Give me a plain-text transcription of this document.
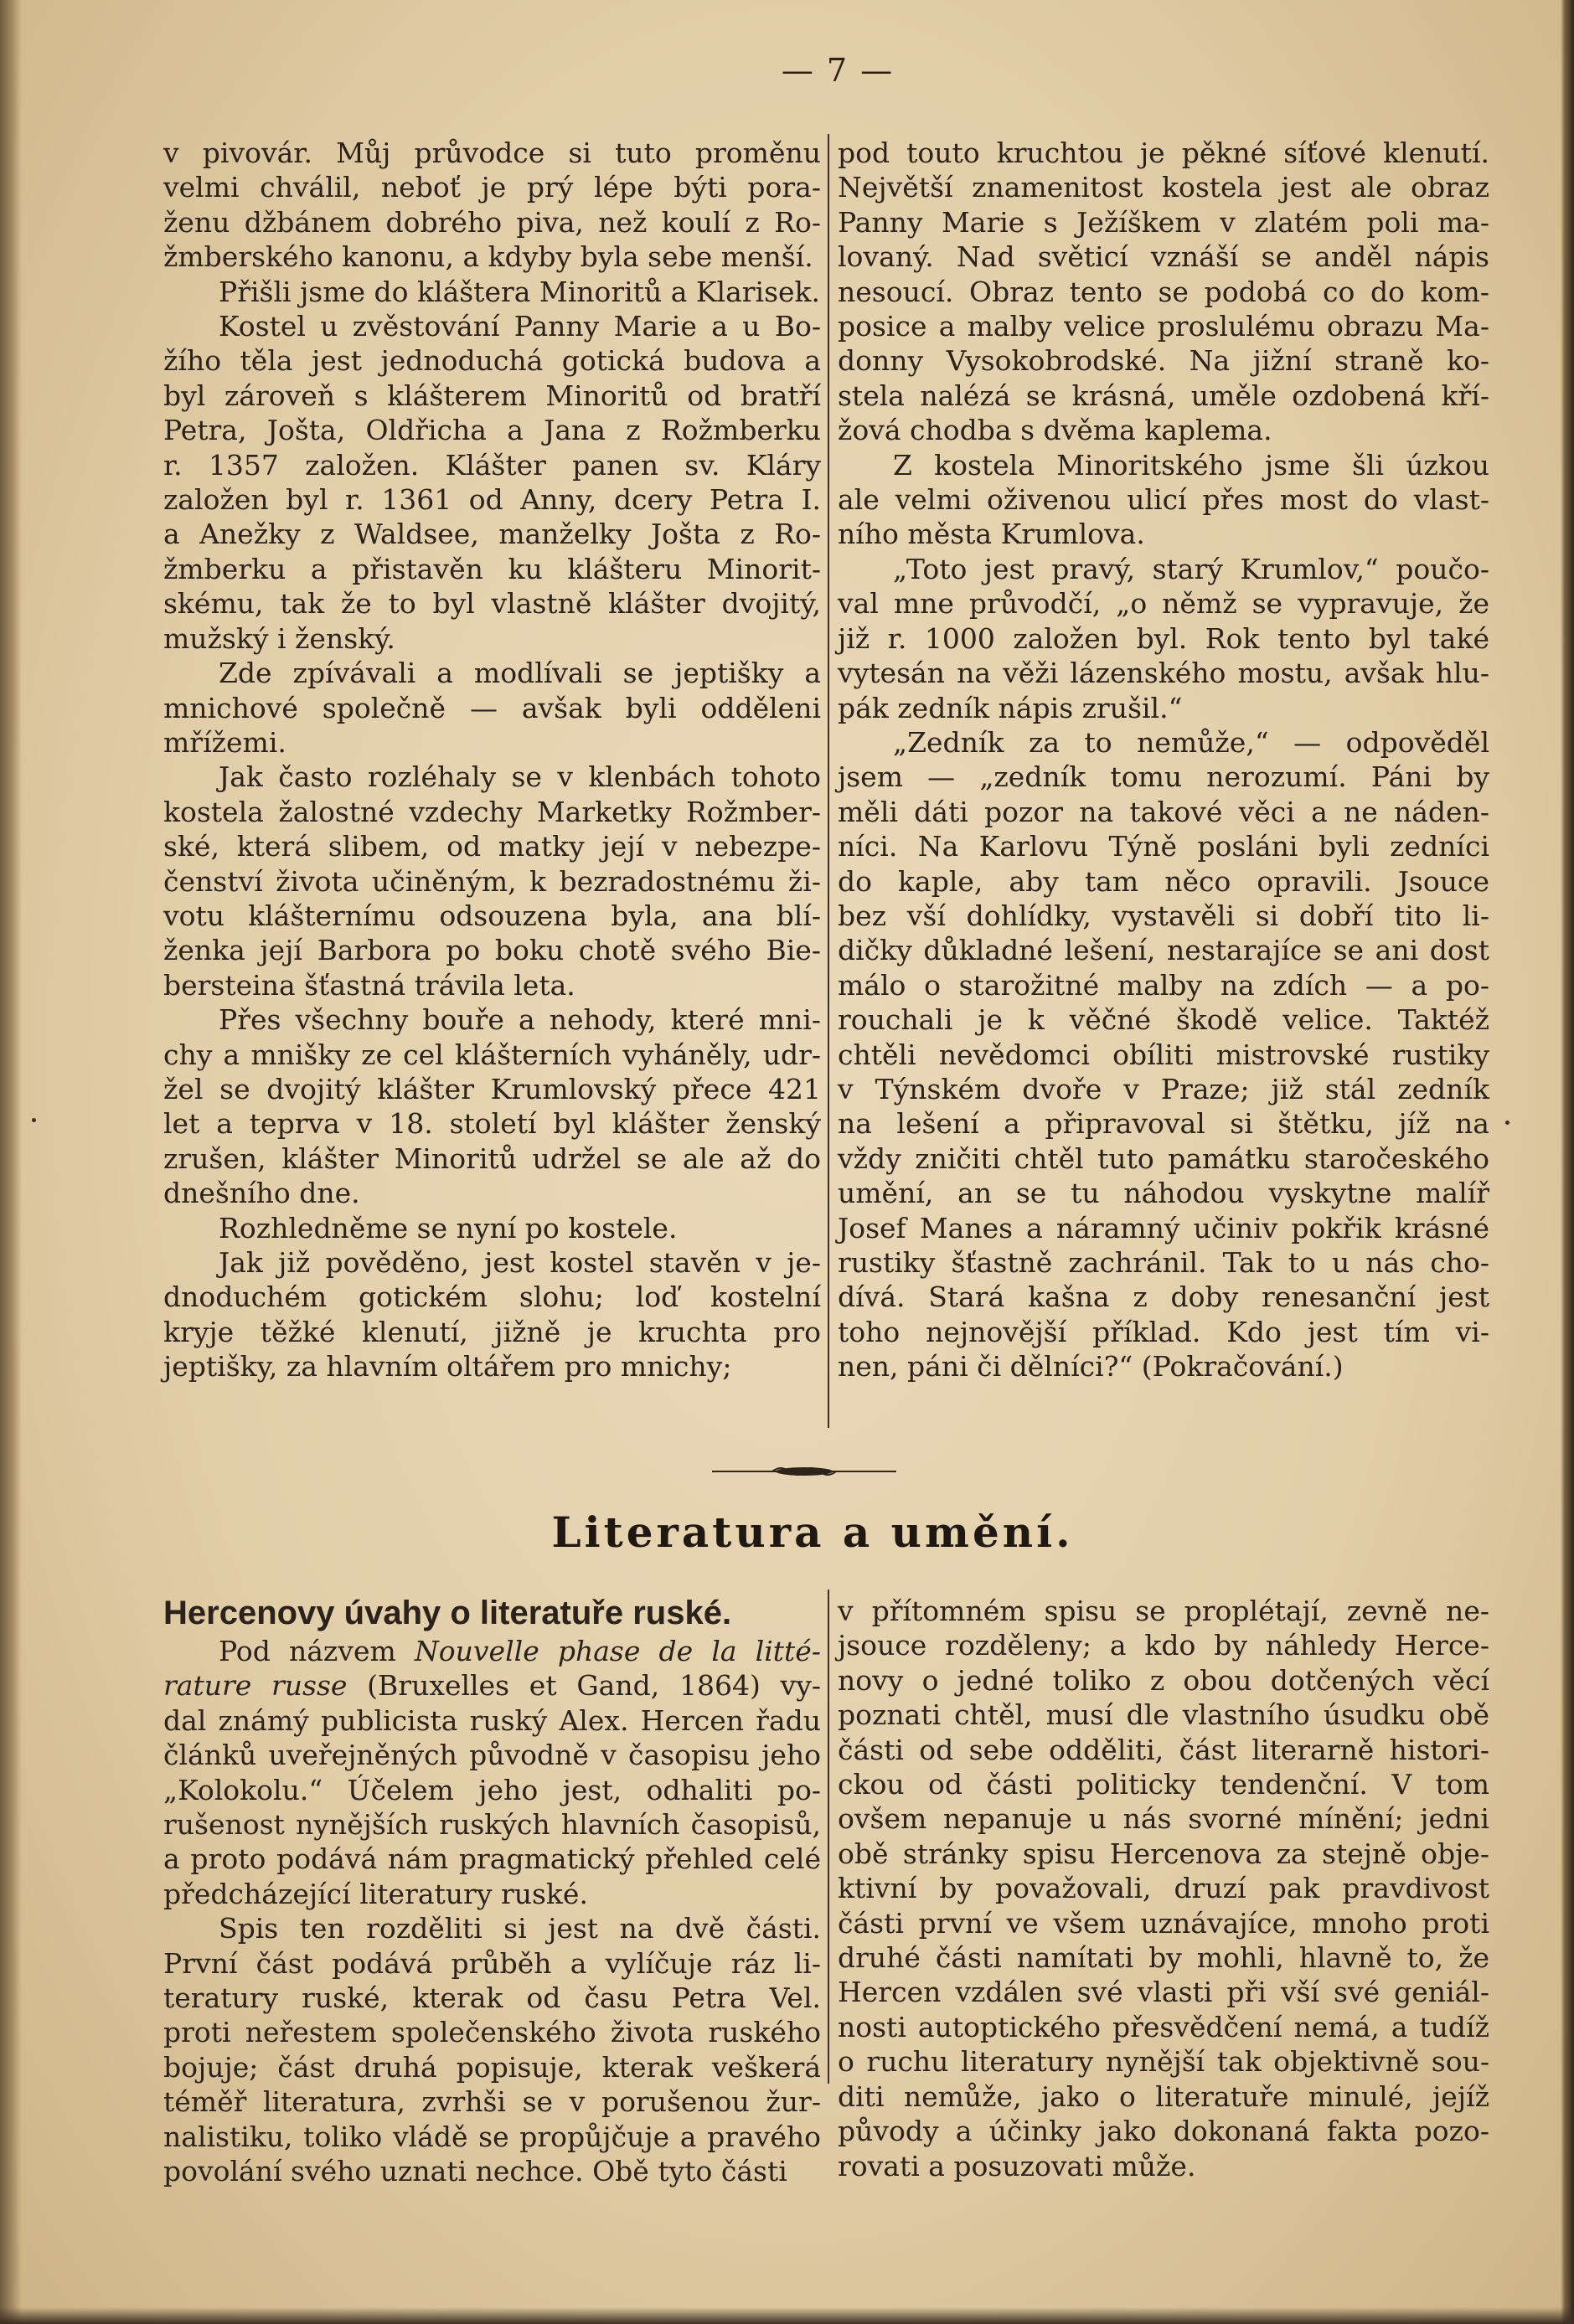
— 7 —
v pivovár. Můj průvodce si tuto proměnu
velmi chválil, neboť je prý lépe býti pora-
ženu džbánem dobrého piva, než koulí z Ro-
žmberského kanonu, a kdyby byla sebe menší.
Přišli jsme do kláštera Minoritů a Klarisek.
Kostel u zvěstování Panny Marie a u Bo-
žího těla jest jednoduchá gotická budova a
byl zároveň s klášterem Minoritů od bratří
Petra, Jošta, Oldřicha a Jana z Rožmberku
r. 1357 založen. Klášter panen sv. Kláry
založen byl r. 1361 od Anny, dcery Petra I.
a Anežky z Waldsee, manželky Jošta z Ro-
žmberku a přistavěn ku klášteru Minorit-
skému, tak že to byl vlastně klášter dvojitý,
mužský i ženský.
Zde zpívávali a modlívali se jeptišky a
mnichové společně — avšak byli odděleni
mřížemi.
Jak často rozléhaly se v klenbách tohoto
kostela žalostné vzdechy Marketky Rožmber-
ské, která slibem, od matky její v nebezpe-
čenství života učiněným, k bezradostnému ži-
votu klášternímu odsouzena byla, ana blí-
ženka její Barbora po boku chotě svého Bie-
bersteina šťastná trávila leta.
Přes všechny bouře a nehody, které mni-
chy a mnišky ze cel klášterních vyháněly, udr-
žel se dvojitý klášter Krumlovský přece 421
let a teprva v 18. století byl klášter ženský
zrušen, klášter Minoritů udržel se ale až do
dnešního dne.
Rozhledněme se nyní po kostele.
Jak již pověděno, jest kostel stavěn v je-
dnoduchém gotickém slohu; loď kostelní
kryje těžké klenutí, jižně je kruchta pro
jeptišky, za hlavním oltářem pro mnichy;
pod touto kruchtou je pěkné síťové klenutí.
Největší znamenitost kostela jest ale obraz
Panny Marie s Ježíškem v zlatém poli ma-
lovaný. Nad světicí vznáší se anděl nápis
nesoucí. Obraz tento se podobá co do kom-
posice a malby velice proslulému obrazu Ma-
donny Vysokobrodské. Na jižní straně ko-
stela nalézá se krásná, uměle ozdobená kří-
žová chodba s dvěma kaplema.
Z kostela Minoritského jsme šli úzkou
ale velmi oživenou ulicí přes most do vlast-
ního města Krumlova.
„Toto jest pravý, starý Krumlov,“ poučo-
val mne průvodčí, „o němž se vypravuje, že
již r. 1000 založen byl. Rok tento byl také
vytesán na věži lázenského mostu, avšak hlu-
pák zedník nápis zrušil.“
„Zedník za to nemůže,“ — odpověděl
jsem — „zedník tomu nerozumí. Páni by
měli dáti pozor na takové věci a ne náden-
níci. Na Karlovu Týně posláni byli zedníci
do kaple, aby tam něco opravili. Jsouce
bez vší dohlídky, vystavěli si dobří tito li-
dičky důkladné lešení, nestarajíce se ani dost
málo o starožitné malby na zdích — a po-
rouchali je k věčné škodě velice. Taktéž
chtěli nevědomci obíliti mistrovské rustiky
v Týnském dvoře v Praze; již stál zedník
na lešení a připravoval si štětku, jíž na
vždy zničiti chtěl tuto památku staročeského
umění, an se tu náhodou vyskytne malíř
Josef Manes a náramný učiniv pokřik krásné
rustiky šťastně zachránil. Tak to u nás cho-
dívá. Stará kašna z doby renesanční jest
toho nejnovější příklad. Kdo jest tím vi-
nen, páni či dělníci?“ (Pokračování.)
Literatura a umění.
Hercenovy úvahy o literatuře ruské.
Pod názvem Nouvelle phase de la litté-
rature russe (Bruxelles et Gand, 1864) vy-
dal známý publicista ruský Alex. Hercen řadu
článků uveřejněných původně v časopisu jeho
„Kolokolu.“ Účelem jeho jest, odhaliti po-
rušenost nynějších ruských hlavních časopisů,
a proto podává nám pragmatický přehled celé
předcházející literatury ruské.
Spis ten rozděliti si jest na dvě části.
První část podává průběh a vylíčuje ráz li-
teratury ruské, kterak od času Petra Vel.
proti neřestem společenského života ruského
bojuje; část druhá popisuje, kterak veškerá
téměř literatura, zvrhši se v porušenou žur-
nalistiku, toliko vládě se propůjčuje a pravého
povolání svého uznati nechce. Obě tyto části
v přítomném spisu se proplétají, zevně ne-
jsouce rozděleny; a kdo by náhledy Herce-
novy o jedné toliko z obou dotčených věcí
poznati chtěl, musí dle vlastního úsudku obě
části od sebe odděliti, část literarně histori-
ckou od části politicky tendenční. V tom
ovšem nepanuje u nás svorné mínění; jedni
obě stránky spisu Hercenova za stejně obje-
ktivní by považovali, druzí pak pravdivost
části první ve všem uznávajíce, mnoho proti
druhé části namítati by mohli, hlavně to, že
Hercen vzdálen své vlasti při vší své geniál-
nosti autoptického přesvědčení nemá, a tudíž
o ruchu literatury nynější tak objektivně sou-
diti nemůže, jako o literatuře minulé, jejíž
původy a účinky jako dokonaná fakta pozo-
rovati a posuzovati může.
